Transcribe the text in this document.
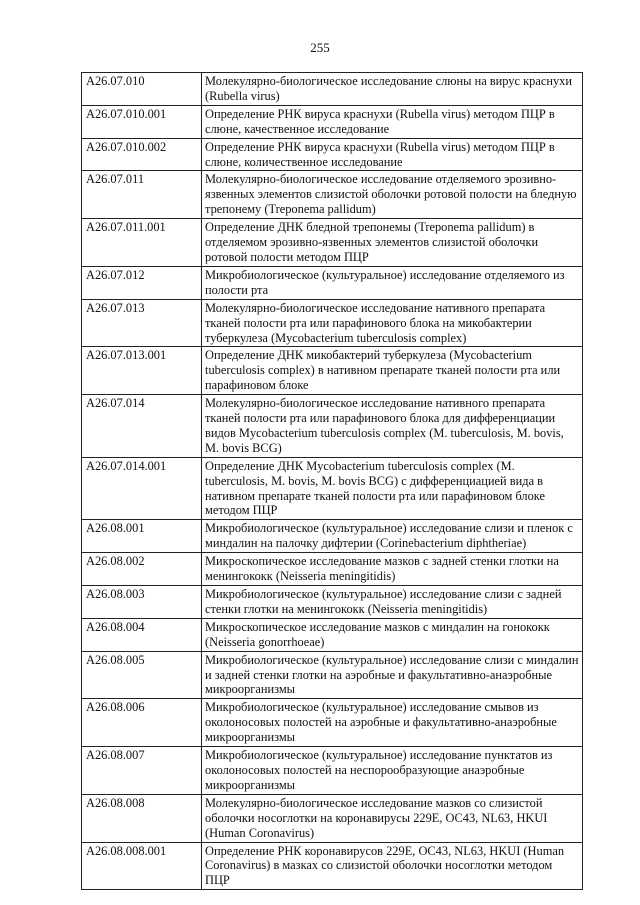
255
A26.07.010	Молекулярно-биологическое исследование слюны на вирус краснухи (Rubella virus)
A26.07.010.001	Определение РНК вируса краснухи (Rubella virus) методом ПЦР в слюне, качественное исследование
A26.07.010.002	Определение РНК вируса краснухи (Rubella virus) методом ПЦР в слюне, количественное исследование
A26.07.011	Молекулярно-биологическое исследование отделяемого эрозивно-язвенных элементов слизистой оболочки ротовой полости на бледную трепонему (Treponema pallidum)
A26.07.011.001	Определение ДНК бледной трепонемы (Treponema pallidum) в отделяемом эрозивно-язвенных элементов слизистой оболочки ротовой полости методом ПЦР
A26.07.012	Микробиологическое (культуральное) исследование отделяемого из полости рта
A26.07.013	Молекулярно-биологическое исследование нативного препарата тканей полости рта или парафинового блока на микобактерии туберкулеза (Mycobacterium tuberculosis complex)
A26.07.013.001	Определение ДНК микобактерий туберкулеза (Mycobacterium tuberculosis complex) в нативном препарате тканей полости рта или парафиновом блоке
A26.07.014	Молекулярно-биологическое исследование нативного препарата тканей полости рта или парафинового блока для дифференциации видов Mycobacterium tuberculosis complex (M. tuberculosis, M. bovis, M. bovis BCG)
A26.07.014.001	Определение ДНК Mycobacterium tuberculosis complex (M. tuberculosis, M. bovis, M. bovis BCG) с дифференциацией вида в нативном препарате тканей полости рта или парафиновом блоке методом ПЦР
A26.08.001	Микробиологическое (культуральное) исследование слизи и пленок с миндалин на палочку дифтерии (Corinebacterium diphtheriae)
A26.08.002	Микроскопическое исследование мазков с задней стенки глотки на менингококк (Neisseria meningitidis)
A26.08.003	Микробиологическое (культуральное) исследование слизи с задней стенки глотки на менингококк (Neisseria meningitidis)
A26.08.004	Микроскопическое исследование мазков с миндалин на гонококк (Neisseria gonorrhoeae)
A26.08.005	Микробиологическое (культуральное) исследование слизи с миндалин и задней стенки глотки на аэробные и факультативно-анаэробные микроорганизмы
A26.08.006	Микробиологическое (культуральное) исследование смывов из околоносовых полостей на аэробные и факультативно-анаэробные микроорганизмы
A26.08.007	Микробиологическое (культуральное) исследование пунктатов из околоносовых полостей на неспорообразующие анаэробные микроорганизмы
A26.08.008	Молекулярно-биологическое исследование мазков со слизистой оболочки носоглотки на коронавирусы 229E, OC43, NL63, HKUI (Human Coronavirus)
A26.08.008.001	Определение РНК коронавирусов 229E, OC43, NL63, HKUI (Human Coronavirus) в мазках со слизистой оболочки носоглотки методом ПЦР
